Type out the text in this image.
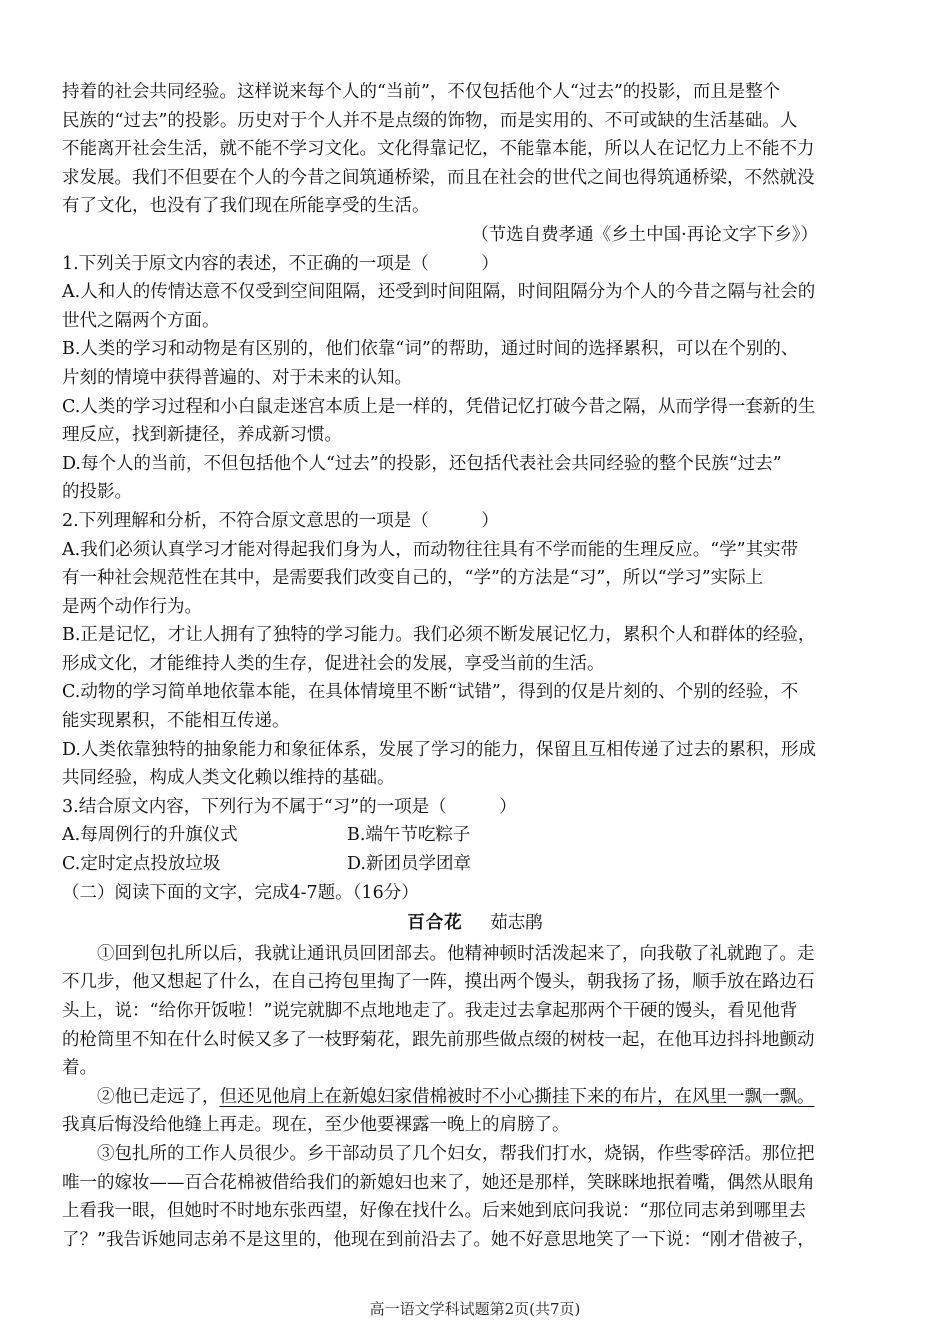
持着的社会共同经验。这样说来每个人的“当前”，不仅包括他个人“过去”的投影，而且是整个

民族的“过去”的投影。历史对于个人并不是点缀的饰物，而是实用的、不可或缺的生活基础。人

不能离开社会生活，就不能不学习文化。文化得靠记忆，不能靠本能，所以人在记忆力上不能不力

求发展。我们不但要在个人的今昔之间筑通桥梁，而且在社会的世代之间也得筑通桥梁，不然就没

有了文化，也没有了我们现在所能享受的生活。

（节选自费孝通《乡土中国·再论文字下乡》）

1.下列关于原文内容的表述，不正确的一项是（　　　）

A.人和人的传情达意不仅受到空间阻隔，还受到时间阻隔，时间阻隔分为个人的今昔之隔与社会的

世代之隔两个方面。

B.人类的学习和动物是有区别的，他们依靠“词”的帮助，通过时间的选择累积，可以在个别的、

片刻的情境中获得普遍的、对于未来的认知。

C.人类的学习过程和小白鼠走迷宫本质上是一样的，凭借记忆打破今昔之隔，从而学得一套新的生

理反应，找到新捷径，养成新习惯。

D.每个人的当前，不但包括他个人“过去”的投影，还包括代表社会共同经验的整个民族“过去”

的投影。

2.下列理解和分析，不符合原文意思的一项是（　　　）

A.我们必须认真学习才能对得起我们身为人，而动物往往具有不学而能的生理反应。“学”其实带

有一种社会规范性在其中，是需要我们改变自己的，“学”的方法是“习”，所以“学习”实际上

是两个动作行为。

B.正是记忆，才让人拥有了独特的学习能力。我们必须不断发展记忆力，累积个人和群体的经验，

形成文化，才能维持人类的生存，促进社会的发展，享受当前的生活。

C.动物的学习简单地依靠本能，在具体情境里不断“试错”，得到的仅是片刻的、个别的经验，不

能实现累积，不能相互传递。

D.人类依靠独特的抽象能力和象征体系，发展了学习的能力，保留且互相传递了过去的累积，形成

共同经验，构成人类文化赖以维持的基础。

3.结合原文内容，下列行为不属于“习”的一项是（　　　）

A.每周例行的升旗仪式	B.端午节吃粽子
C.定时定点投放垃圾	D.新团员学团章

（二）阅读下面的文字，完成4-7题。（16分）

百合花 茹志鹃

①回到包扎所以后，我就让通讯员回团部去。他精神顿时活泼起来了，向我敬了礼就跑了。走

不几步，他又想起了什么，在自己挎包里掏了一阵，摸出两个馒头，朝我扬了扬，顺手放在路边石

头上，说：“给你开饭啦！”说完就脚不点地地走了。我走过去拿起那两个干硬的馒头，看见他背

的枪筒里不知在什么时候又多了一枝野菊花，跟先前那些做点缀的树枝一起，在他耳边抖抖地颤动

着。

②他已走远了，但还见他肩上在新媳妇家借棉被时不小心撕挂下来的布片，在风里一飘一飘。

我真后悔没给他缝上再走。现在，至少他要裸露一晚上的肩膀了。

③包扎所的工作人员很少。乡干部动员了几个妇女，帮我们打水，烧锅，作些零碎活。那位把

唯一的嫁妆——百合花棉被借给我们的新媳妇也来了，她还是那样，笑眯眯地抿着嘴，偶然从眼角

上看我一眼，但她时不时地东张西望，好像在找什么。后来她到底问我说：“那位同志弟到哪里去

了？”我告诉她同志弟不是这里的，他现在到前沿去了。她不好意思地笑了一下说：“刚才借被子，

高一语文学科试题第2页(共7页)
